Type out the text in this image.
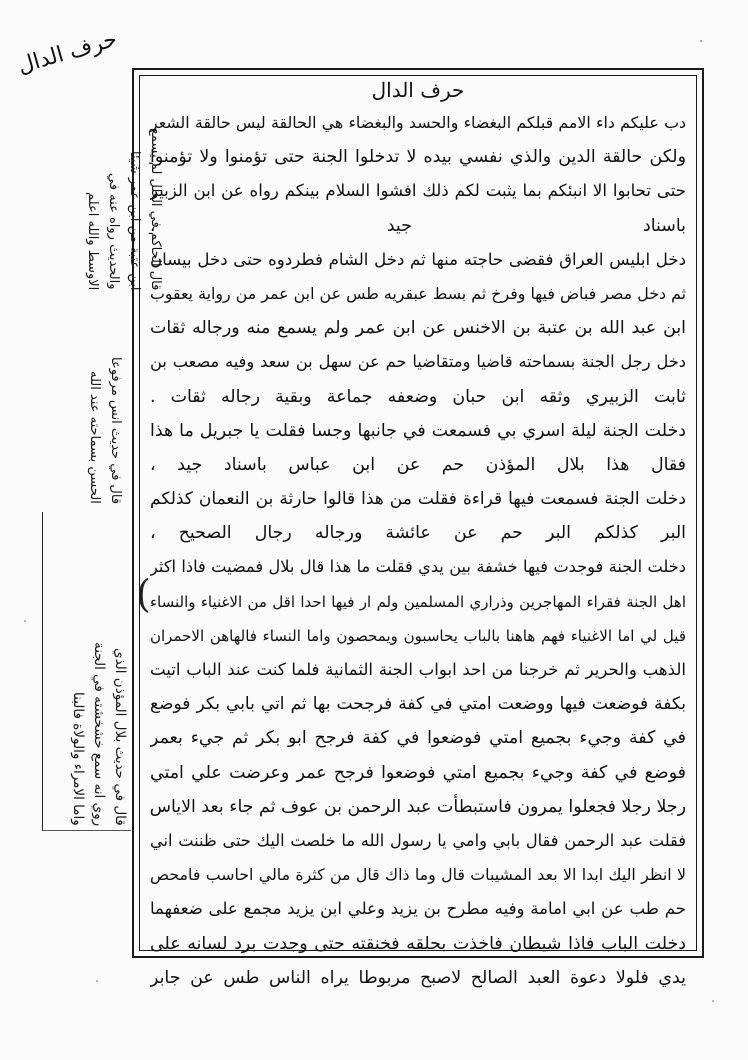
حرف الدال
قال الحاكم في العلل لم يسمع
ابن عتبة من ابن عمر شيئا
والحديث رواه عنه في
الاوسط والله اعلم
قال في حديث انس مرفوعا
الحسن بسماحته عند الله
قال في حديث بلال المؤذن الذي
روي انه سمع خشخشته في الجنة
واما الامراء والولاة فالبنا
(
حرف الدال
دب عليكم داء الامم قبلكم البغضاء والحسد والبغضاء هي الحالقة ليس حالقة الشعر
ولكن حالقة الدين والذي نفسي بيده لا تدخلوا الجنة حتى تؤمنوا ولا تؤمنوا
حتى تحابوا الا انبئكم بما يثبت لكم ذلك افشوا السلام بينكم رواه عن ابن الزبير
باسناد جيد ،
دخل ابليس العراق فقضى حاجته منها ثم دخل الشام فطردوه حتى دخل بيسان
ثم دخل مصر فباض فيها وفرخ ثم بسط عبقريه طس عن ابن عمر من رواية يعقوب
ابن عبد الله بن عتبة بن الاخنس عن ابن عمر ولم يسمع منه ورجاله ثقات
دخل رجل الجنة بسماحته قاضيا ومتقاضيا حم عن سهل بن سعد وفيه مصعب بن
ثابت الزبيري وثقه ابن حبان وضعفه جماعة وبقية رجاله ثقات .
دخلت الجنة ليلة اسري بي فسمعت في جانبها وجسا فقلت يا جبريل ما هذا
فقال هذا بلال المؤذن حم عن ابن عباس باسناد جيد ،
دخلت الجنة فسمعت فيها قراءة فقلت من هذا قالوا حارثة بن النعمان كذلكم
البر كذلكم البر حم عن عائشة ورجاله رجال الصحيح ،
دخلت الجنة فوجدت فيها خشفة بين يدي فقلت ما هذا قال بلال فمضيت فاذا اكثر
اهل الجنة فقراء المهاجرين وذراري المسلمين ولم ار فيها احدا اقل من الاغنياء والنساء
قيل لي اما الاغنياء فهم هاهنا بالباب يحاسبون ويمحصون واما النساء فالهاهن الاحمران
الذهب والحرير ثم خرجنا من احد ابواب الجنة الثمانية فلما كنت عند الباب اتيت
بكفة فوضعت فيها ووضعت امتي في كفة فرجحت بها ثم اتي بابي بكر فوضع
في كفة وجيء بجميع امتي فوضعوا في كفة فرجح ابو بكر ثم جيء بعمر
فوضع في كفة وجيء بجميع امتي فوضعوا فرجح عمر وعرضت علي امتي
رجلا رجلا فجعلوا يمرون فاستبطأت عبد الرحمن بن عوف ثم جاء بعد الاياس
فقلت عبد الرحمن فقال بابي وامي يا رسول الله ما خلصت اليك حتى ظننت اني
لا انظر اليك ابدا الا بعد المشيبات قال وما ذاك قال من كثرة مالي احاسب فامحص
حم طب عن ابي امامة وفيه مطرح بن يزيد وعلي ابن يزيد مجمع على ضعفهما
دخلت الباب فاذا شيطان فاخذت بحلقه فخنقته حتى وجدت برد لسانه على
يدي فلولا دعوة العبد الصالح لاصبح مربوطا يراه الناس طس عن جابر
